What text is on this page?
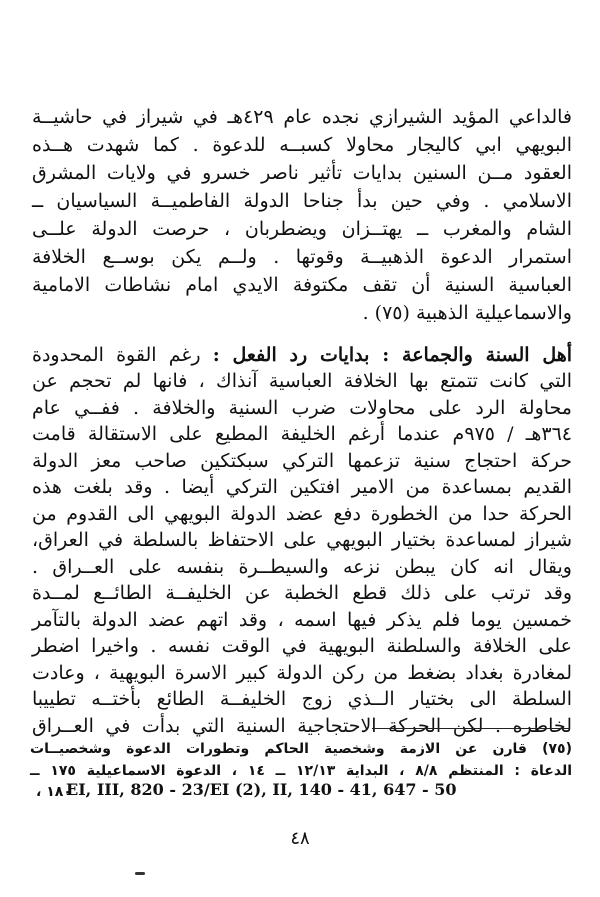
فالداعي المؤيد الشيرازي نجده عام ٤٢٩هـ في شيراز في حاشيــة
البويهي ابي كاليجار محاولا كسبــه للدعوة . كما شهدت هــذه
العقود مــن السنين بدايات تأثير ناصر خسرو في ولايات المشرق
الاسلامي . وفي حين بدأ جناحا الدولة الفاطميــة السياسيان ــ
الشام والمغرب ــ يهتــزان ويضطربان ، حرصت الدولة علــى
استمرار الدعوة الذهبيــة وقوتها . ولــم يكن بوســع الخلافة
العباسية السنية أن تقف مكتوفة الايدي امام نشاطات الامامية
والاسماعيلية الذهبية (٧٥) .
أهل السنة والجماعة : بدايات رد الفعل : رغم القوة المحدودة
التي كانت تتمتع بها الخلافة العباسية آنذاك ، فانها لم تحجم عن
محاولة الرد على محاولات ضرب السنية والخلافة . ففــي عام
٣٦٤هـ / ٩٧٥م عندما أرغم الخليفة المطيع على الاستقالة قامت
حركة احتجاج سنية تزعمها التركي سبكتكين صاحب معز الدولة
القديم بمساعدة من الامير افتكين التركي أيضا . وقد بلغت هذه
الحركة حدا من الخطورة دفع عضد الدولة البويهي الى القدوم من
شيراز لمساعدة بختيار البويهي على الاحتفاظ بالسلطة في العراق،
ويقال انه كان يبطن نزعه والسيطــرة بنفسه على العــراق .
وقد ترتب على ذلك قطع الخطبة عن الخليفــة الطائــع لمــدة
خمسين يوما فلم يذكر فيها اسمه ، وقد اتهم عضد الدولة بالتآمر
على الخلافة والسلطنة البويهية في الوقت نفسه . واخيرا اضطر
لمغادرة بغداد بضغط من ركن الدولة كبير الاسرة البويهية ، وعادت
السلطة الى بختيار الــذي زوج الخليفــة الطائع بأختــه تطييبا
لخاطره . لكن الحركة الاحتجاجية السنية التي بدأت في العــراق
(٧٥) قارن عن الازمة وشخصية الحاكم وتطورات الدعوة وشخصيــات
الدعاة : المنتظم ٨/٨ ، البداية ١٢/١٣ ــ ١٤ ، الدعوة الاسماعيلية ١٧٥ ــ
EI, III, 820 - 23/EI (2), II, 140 - 41, 647 - 50
١٨٠ ،
٤٨
